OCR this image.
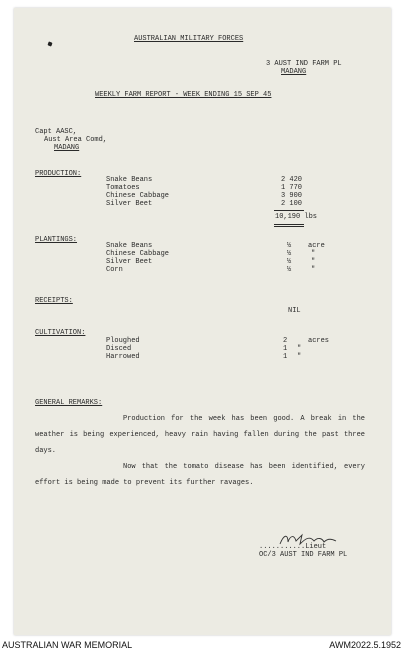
AUSTRALIAN MILITARY FORCES
3 AUST IND FARM PL
MADANG
WEEKLY FARM REPORT - WEEK ENDING 15 SEP 45
Capt AASC,
Aust Area Comd,
MADANG
PRODUCTION:
Snake Beans	2 420
Tomatoes	1 770
Chinese Cabbage	3 900
Silver Beet	2 100
10,190 lbs
PLANTINGS:
Snake Beans	½ acre
Chinese Cabbage	½	"
Silver Beet	½	"
Corn	½	"
RECEIPTS:
NIL
CULTIVATION:
Ploughed	2	acres
Disced	1 "
Harrowed	1 "
GENERAL REMARKS:
Production for the week has been good. A break in the weather is being experienced, heavy rain having fallen during the past three days.
Now that the tomato disease has been identified, every effort is being made to prevent its further ravages.
...........Lieut
OC/3 AUST IND FARM PL
AUSTRALIAN WAR MEMORIAL	AWM2022.5.1952
